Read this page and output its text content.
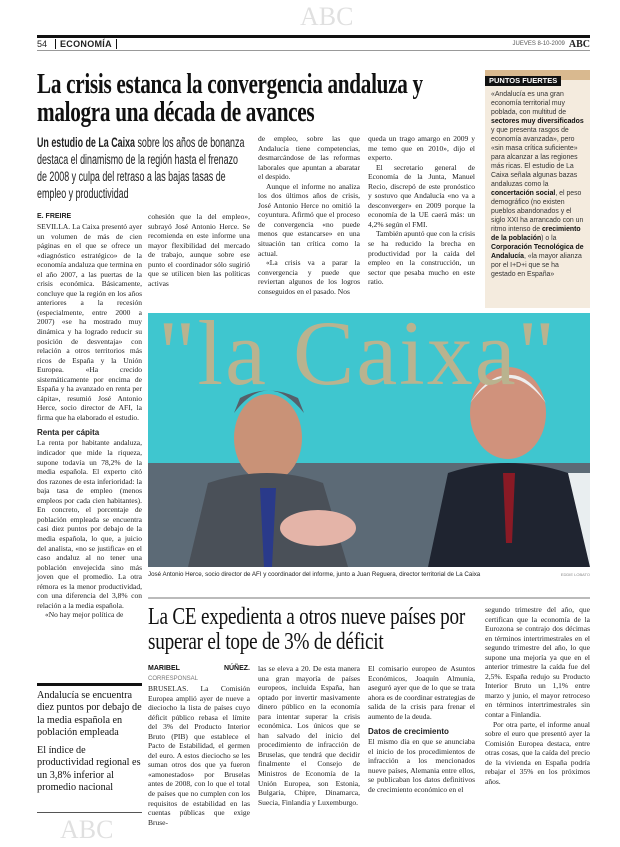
ABC
54	ECONOMÍA	JUEVES 8-10-2009 ABC
La crisis estanca la convergencia andaluza y malogra una década de avances
Un estudio de La Caixa sobre los años de bonanza destaca el dinamismo de la región hasta el frenazo de 2008 y culpa del retraso a las bajas tasas de empleo y productividad
E. FREIRE

SEVILLA. La Caixa presentó ayer un volumen de más de cien páginas en el que se ofrece un «diagnóstico estratégico» de la economía andaluza que termina en el año 2007, a las puertas de la crisis económica. Básicamente, concluye que la región en los años anteriores a la recesión (especialmente, entre 2000 a 2007) «se ha mostrado muy dinámica y ha logrado reducir su posición de desventaja» con relación a otros territorios más ricos de España y la Unión Europea. «Ha crecido sistemáticamente por encima de España y ha avanzado en renta per cápita», resumió José Antonio Herce, socio director de AFI, la firma que ha elaborado el estudio.

Renta per cápita

La renta por habitante andaluza, indicador que mide la riqueza, supone todavía un 78,2% de la media española. El experto citó dos razones de esta inferioridad: la baja tasa de empleo (menos empleos por cada cien habitantes). En concreto, el porcentaje de población empleada se encuentra casi diez puntos por debajo de la media española, lo que, a juicio del analista, «no se justifica» en el caso andaluz al no tener una población envejecida sino más joven que el promedio. La otra rémora es la menor productividad, con una diferencia del 3,8% con relación a la media española.

«No hay mejor política de

cohesión que la del empleo», subrayó José Antonio Herce. Se recomienda en este informe una mayor flexibilidad del mercado de trabajo, aunque sobre ese punto el coordinador sólo sugirió que se utilicen bien las políticas activas

de empleo, sobre las que Andalucía tiene competencias, desmarcándose de las reformas laborales que apuntan a abaratar el despido.

Aunque el informe no analiza los dos últimos años de crisis, José Antonio Herce no omitió la coyuntura. Afirmó que el proceso de convergencia «no puede menos que estancarse» en una situación tan crítica como la actual.

«La crisis va a parar la convergencia y puede que reviertan algunos de los logros conseguidos en el pasado. Nos

queda un trago amargo en 2009 y me temo que en 2010», dijo el experto.

El secretario general de Economía de la Junta, Manuel Recio, discrepó de este pronóstico y sostuvo que Andalucía «no va a desconverger» en 2009 porque la economía de la UE caerá más: un 4,2% según el FMI.

También apuntó que con la crisis se ha reducido la brecha en productividad por la caída del empleo en la construcción, un sector que pesaba mucho en este ratio.

PUNTOS FUERTES
«Andalucía es una gran economía territorial muy poblada, con multitud de sectores muy diversificados y que presenta rasgos de economía avanzada», pero «sin masa crítica suficiente» para alcanzar a las regiones más ricas. El estudio de La Caixa señala algunas bazas andaluzas como la concertación social, el peso demográfico (no existen pueblos abandonados y el siglo XXI ha arrancado con un ritmo intenso de crecimiento de la población) o la Corporación Tecnológica de Andalucía, «la mayor alianza por el I+D+i que se ha gestado en España»
"la Caixa"
José Antonio Herce, socio director de AFI y coordinador del informe, junto a Juan Reguera, director territorial de La Caixa	EDDIE LOBATO
Andalucía se encuentra diez puntos por debajo de la media española en población empleada
El índice de productividad regional es un 3,8% inferior al promedio nacional
ABC
La CE expedienta a otros nueve países por superar el tope de 3% de déficit
MARIBEL NÚÑEZ. CORRESPONSAL

BRUSELAS. La Comisión Europea amplió ayer de nueve a dieciocho la lista de países cuyo déficit público rebasa el límite del 3% del Producto Interior Bruto (PIB) que establece el Pacto de Estabilidad, el germen del euro. A estos dieciocho se les suman otros dos que ya fueron «amonestados» por Bruselas antes de 2008, con lo que el total de países que no cumplen con los requisitos de estabilidad en las cuentas públicas que exige Bruse-

las se eleva a 20. De esta manera una gran mayoría de países europeos, incluida España, han optado por invertir masivamente dinero público en la economía para intentar superar la crisis económica. Los únicos que se han salvado del inicio del procedimiento de infracción de Bruselas, que tendrá que decidir finalmente el Consejo de Ministros de Economía de la Unión Europea, son Estonia, Bulgaria, Chipre, Dinamarca, Suecia, Finlandia y Luxemburgo.

El comisario europeo de Asuntos Económicos, Joaquín Almunia, aseguró ayer que de lo que se trata ahora es de coordinar estrategias de salida de la crisis para frenar el aumento de la deuda.

Datos de crecimiento

El mismo día en que se anunciaba el inicio de los procedimientos de infracción a los mencionados nueve países, Alemania entre ellos, se publicaban los datos definitivos de crecimiento económico en el

segundo trimestre del año, que certifican que la economía de la Eurozona se contrajo dos décimas en términos intertrimestrales en el segundo trimestre del año, lo que supone una mejoría ya que en el anterior trimestre la caída fue del 2,5%. España redujo su Producto Interior Bruto un 1,1% entre marzo y junio, el mayor retroceso en términos intertrimestrales sin contar a Finlandia.

Por otra parte, el informe anual sobre el euro que presentó ayer la Comisión Europea destaca, entre otras cosas, que la caída del precio de la vivienda en España podría rebajar el 35% en los próximos años.
